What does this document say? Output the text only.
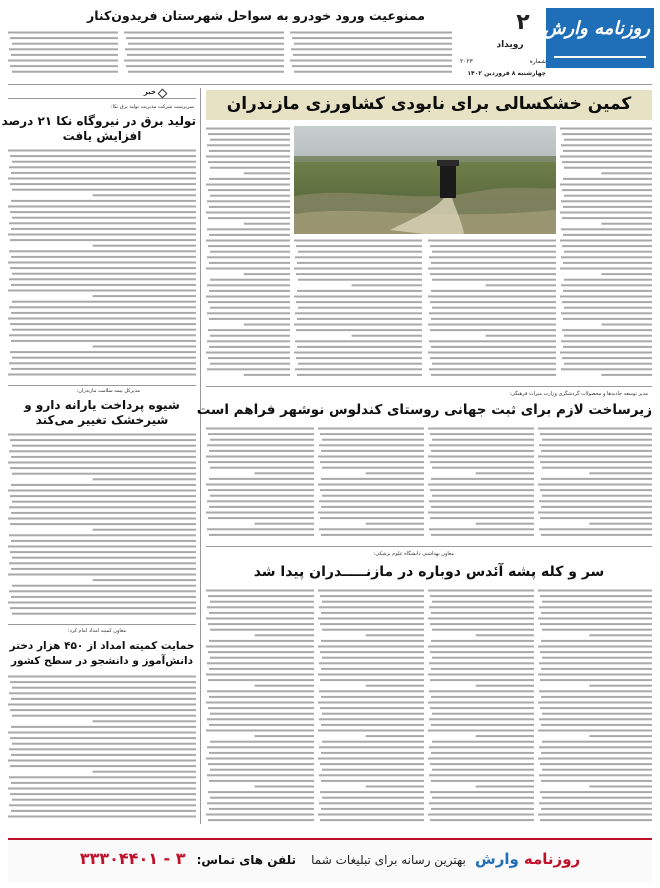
روزنامه وارش
۲
رویداد
شماره
۲۰۲۳
چهارشنبه ۸ فروردین ۱۴۰۲
ممنوعیت ورود خودرو به سواحل شهرستان فریدون‌کنار
خبر
سرپرست شرکت مدیریت تولید برق نکا:
تولید برق در نیروگاه نکا ۲۱ درصد
افزایش یافت
مدیرکل بیمه سلامت مازندران:
شیوه پرداخت یارانه دارو و
شیرخشک تغییر می‌کند
معاون کمیته امداد امام کرد:
حمایت کمیته امداد از ۴۵۰ هزار دختر
دانش‌آموز و دانشجو در سطح کشور
کمین خشکسالی برای نابودی کشاورزی مازندران
مدیر توسعه جاذبه‌ها و محصولات گردشگری وزارت میراث فرهنگی:
زیرساخت لازم برای ثبت جهانی روستای کندلوس نوشهر فراهم است
معاون بهداشتی دانشگاه علوم پزشکی:
سر و کله پشه آئدس دوباره در مازنـــــدران پیدا شد
روزنامه وارش بهترین رسانه برای تبلیغات شما تلفن های تماس: ۳ - ۳۳۳۰۴۴۰۱
